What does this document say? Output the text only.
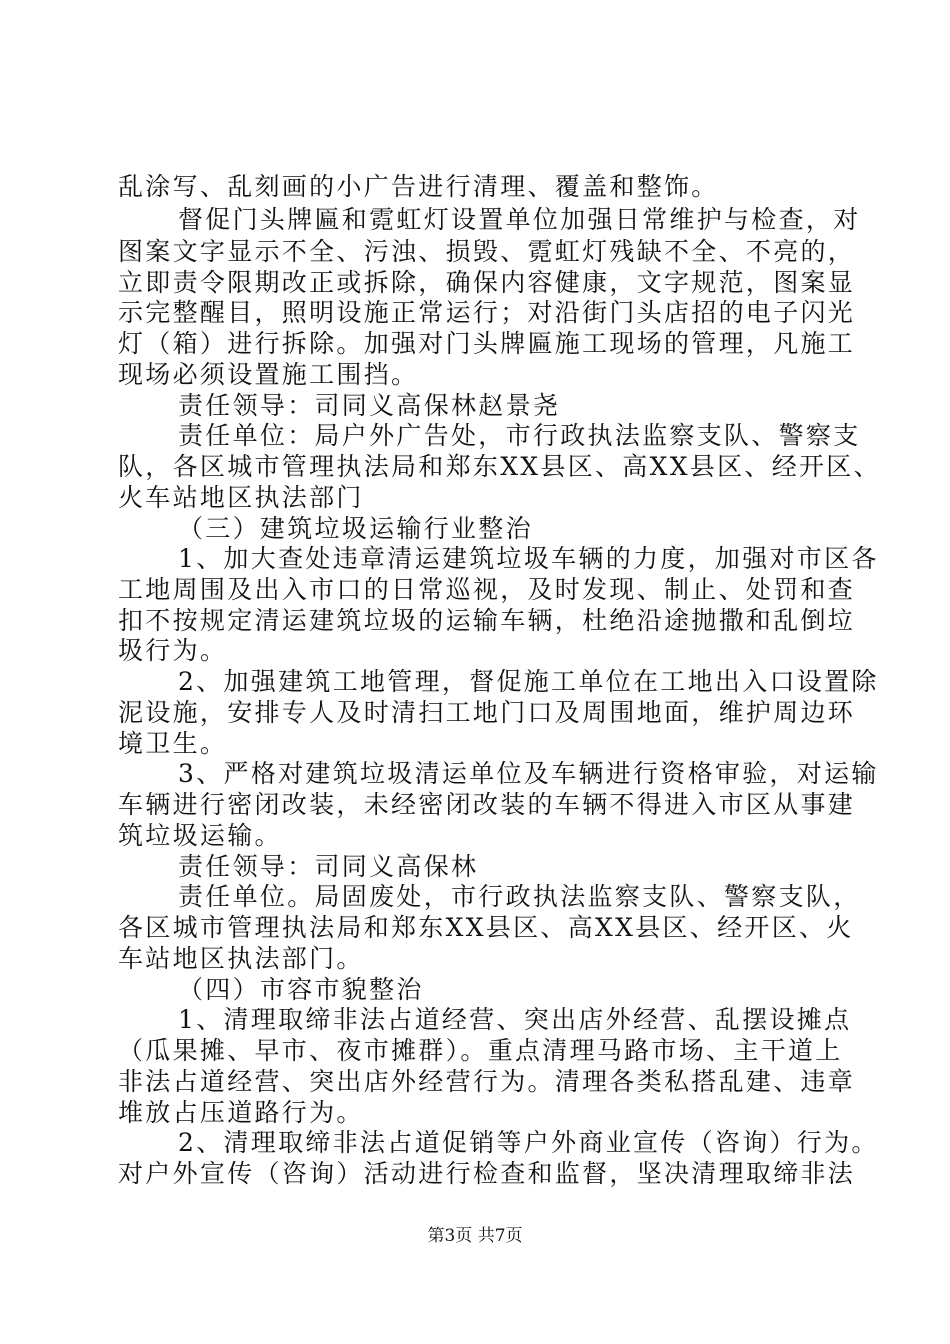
乱涂写、乱刻画的小广告进行清理、覆盖和整饰。
督促门头牌匾和霓虹灯设置单位加强日常维护与检查，对
图案文字显示不全、污浊、损毁、霓虹灯残缺不全、不亮的，
立即责令限期改正或拆除，确保内容健康，文字规范，图案显
示完整醒目，照明设施正常运行；对沿街门头店招的电子闪光
灯（箱）进行拆除。加强对门头牌匾施工现场的管理，凡施工
现场必须设置施工围挡。
责任领导：司同义高保林赵景尧
责任单位：局户外广告处，市行政执法监察支队、警察支
队，各区城市管理执法局和郑东XX县区、高XX县区、经开区、
火车站地区执法部门
（三）建筑垃圾运输行业整治
1、加大查处违章清运建筑垃圾车辆的力度，加强对市区各
工地周围及出入市口的日常巡视，及时发现、制止、处罚和查
扣不按规定清运建筑垃圾的运输车辆，杜绝沿途抛撒和乱倒垃
圾行为。
2、加强建筑工地管理，督促施工单位在工地出入口设置除
泥设施，安排专人及时清扫工地门口及周围地面，维护周边环
境卫生。
3、严格对建筑垃圾清运单位及车辆进行资格审验，对运输
车辆进行密闭改装，未经密闭改装的车辆不得进入市区从事建
筑垃圾运输。
责任领导：司同义高保林
责任单位。局固废处，市行政执法监察支队、警察支队，
各区城市管理执法局和郑东XX县区、高XX县区、经开区、火
车站地区执法部门。
（四）市容市貌整治
1、清理取缔非法占道经营、突出店外经营、乱摆设摊点
（瓜果摊、早市、夜市摊群）。重点清理马路市场、主干道上
非法占道经营、突出店外经营行为。清理各类私搭乱建、违章
堆放占压道路行为。
2、清理取缔非法占道促销等户外商业宣传（咨询）行为。
对户外宣传（咨询）活动进行检查和监督，坚决清理取缔非法
第3页 共7页
